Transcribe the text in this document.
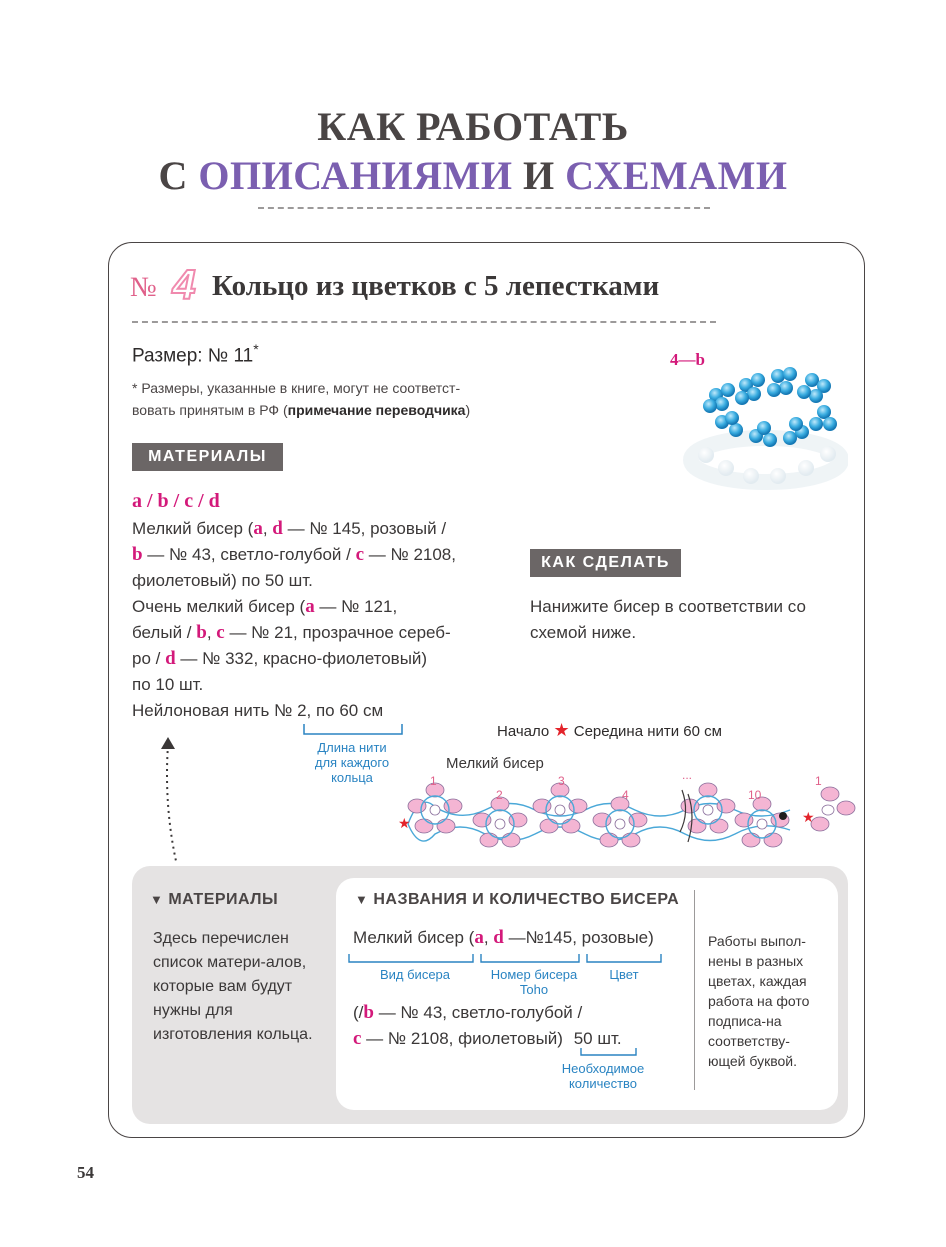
КАК РАБОТАТЬ
С ОПИСАНИЯМИ И СХЕМАМИ
№ 4 Кольцо из цветков с 5 лепестками
Размер: № 11*
* Размеры, указанные в книге, могут не соответст-
вовать принятым в РФ (примечание переводчика)
4—b
МАТЕРИАЛЫ
a / b / c / d
Мелкий бисер (a, d — № 145, розовый /
b — № 43, светло-голубой / c — № 2108,
фиолетовый) по 50 шт.
Очень мелкий бисер (a — № 121,
белый / b, c — № 21, прозрачное сереб-
ро / d — № 332, красно-фиолетовый)
по 10 шт.
Нейлоновая нить № 2, по 60 см
Длина нити для каждого кольца
КАК СДЕЛАТЬ
Нанижите бисер в соответствии со схемой ниже.
Начало ★ Середина нити 60 см
Мелкий бисер
★	★
1
2
3
4
...
10
1
▼ МАТЕРИАЛЫ
Здесь перечислен список матери-алов, которые вам будут нужны для изготовления кольца.
▼ НАЗВАНИЯ И КОЛИЧЕСТВО БИСЕРА
Мелкий бисер (a, d —№145, розовые)
Вид бисера	Номер бисера Toho
Цвет
(/b — № 43, светло-голубой /
c — № 2108, фиолетовый) 50 шт.
Необходимое количество
Работы выпол-нены в разных цветах, каждая работа на фото подписа-на соответству-ющей буквой.
54
